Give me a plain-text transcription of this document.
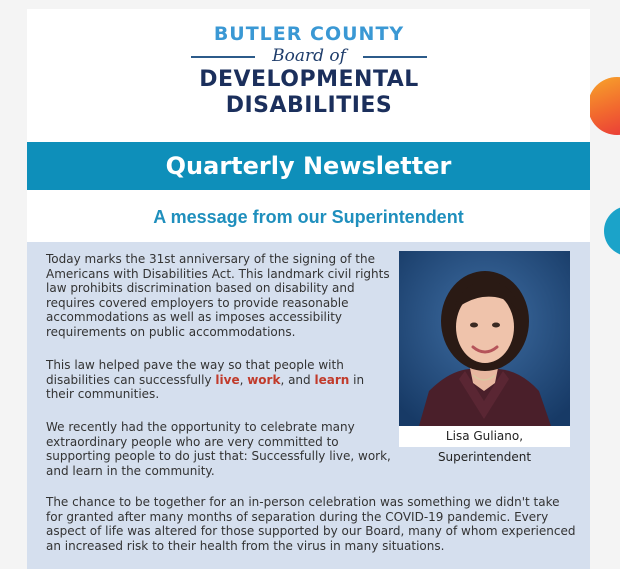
BUTLER COUNTY
Board of
DEVELOPMENTAL
DISABILITIES
Quarterly Newsletter
A message from our Superintendent

Today marks the 31st anniversary of the signing of the Americans with Disabilities Act. This landmark civil rights law prohibits discrimination based on disability and requires covered employers to provide reasonable accommodations as well as imposes accessibility requirements on public accommodations.

This law helped pave the way so that people with disabilities can successfully live, work, and learn in their communities.

We recently had the opportunity to celebrate many extraordinary people who are very committed to supporting people to do just that: Successfully live, work, and learn in the community.

The chance to be together for an in-person celebration was something we didn't take for granted after many months of separation during the COVID-19 pandemic. Every aspect of life was altered for those supported by our Board, many of whom experienced an increased risk to their health from the virus in many situations.

Lisa Guliano, Superintendent
